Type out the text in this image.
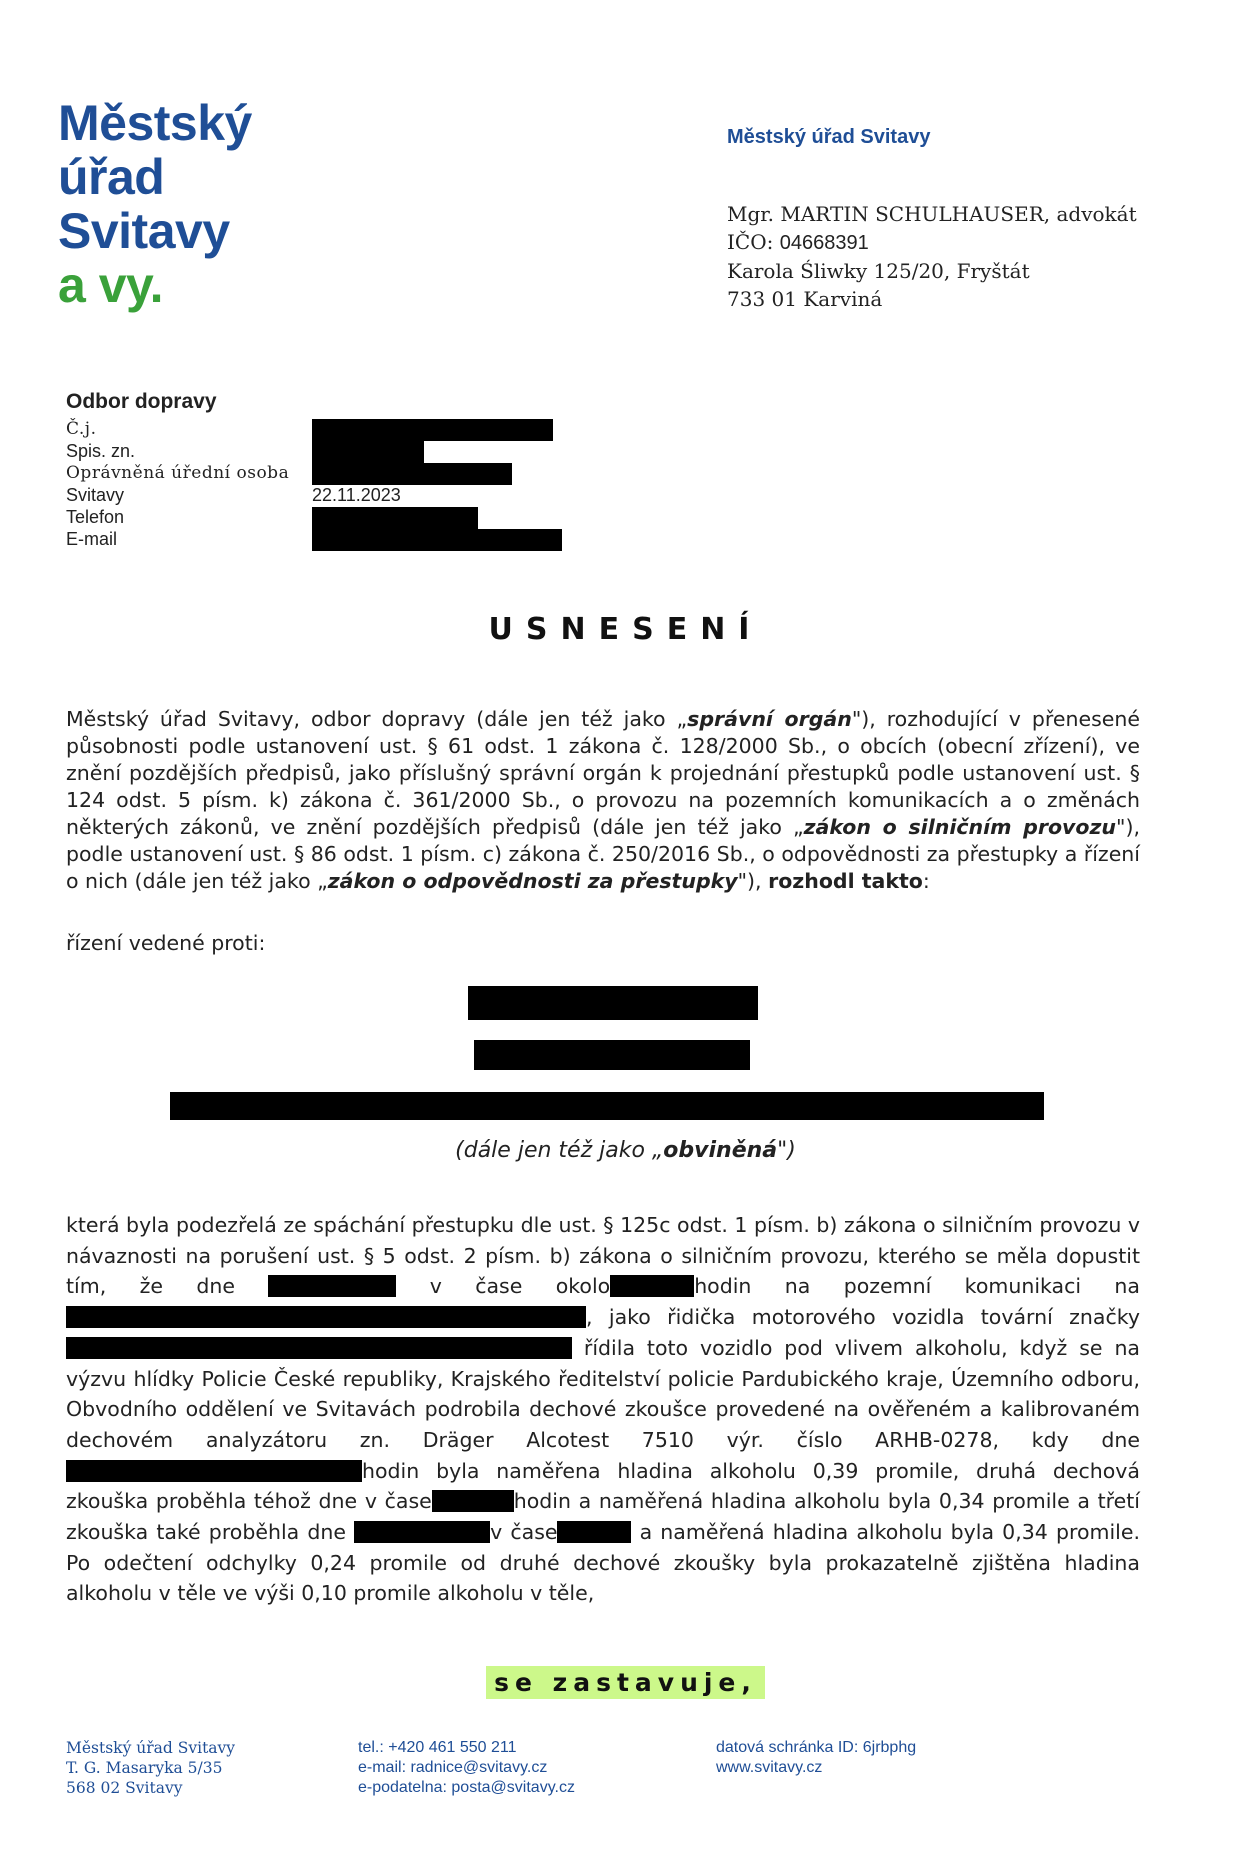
Městský
úřad
Svitavy
a vy.
Městský úřad Svitavy
Mgr. MARTIN SCHULHAUSER, advokát
IČO: 04668391
Karola Śliwky 125/20, Fryštát
733 01 Karviná
Odbor dopravy
Č.j.
Spis. zn.
Oprávněná úřední osoba
Svitavy	22.11.2023
Telefon
E-mail
USNESENÍ
Městský úřad Svitavy, odbor dopravy (dále jen též jako „správní orgán"), rozhodující v přenesené působnosti podle ustanovení ust. § 61 odst. 1 zákona č. 128/2000 Sb., o obcích (obecní zřízení), ve znění pozdějších předpisů, jako příslušný správní orgán k projednání přestupků podle ustanovení ust. § 124 odst. 5 písm. k) zákona č. 361/2000 Sb., o provozu na pozemních komunikacích a o změnách některých zákonů, ve znění pozdějších předpisů (dále jen též jako „zákon o silničním provozu"), podle ustanovení ust. § 86 odst. 1 písm. c) zákona č. 250/2016 Sb., o odpovědnosti za přestupky a řízení o nich (dále jen též jako „zákon o odpovědnosti za přestupky"), rozhodl takto:
řízení vedené proti:
(dále jen též jako „obviněná")
která byla podezřelá ze spáchání přestupku dle ust. § 125c odst. 1 písm. b) zákona o silničním provozu v návaznosti na porušení ust. § 5 odst. 2 písm. b) zákona o silničním provozu, kterého se měla dopustit tím, že dne	v čase okolo	hodin na pozemní komunikaci na , jako řidička motorového vozidla tovární značky  řídila toto vozidlo pod vlivem alkoholu, když se na výzvu hlídky Policie České republiky, Krajského ředitelství policie Pardubického kraje, Územního odboru, Obvodního oddělení ve Svitavách podrobila dechové zkoušce provedené na ověřeném a kalibrovaném dechovém analyzátoru zn. Dräger Alcotest 7510 výr. číslo ARHB-0278, kdy dne hodin byla naměřena hladina alkoholu 0,39 promile, druhá dechová zkouška proběhla téhož dne v čase	hodin a naměřená hladina alkoholu byla 0,34 promile a třetí zkouška také proběhla dne	v čase	a naměřená hladina alkoholu byla 0,34 promile. Po odečtení odchylky 0,24 promile od druhé dechové zkoušky byla prokazatelně zjištěna hladina alkoholu v těle ve výši 0,10 promile alkoholu v těle,
se zastavuje,
Městský úřad Svitavy
T. G. Masaryka 5/35
568 02 Svitavy
tel.: +420 461 550 211
e-mail: radnice@svitavy.cz
e-podatelna: posta@svitavy.cz
datová schránka ID: 6jrbphg
www.svitavy.cz
